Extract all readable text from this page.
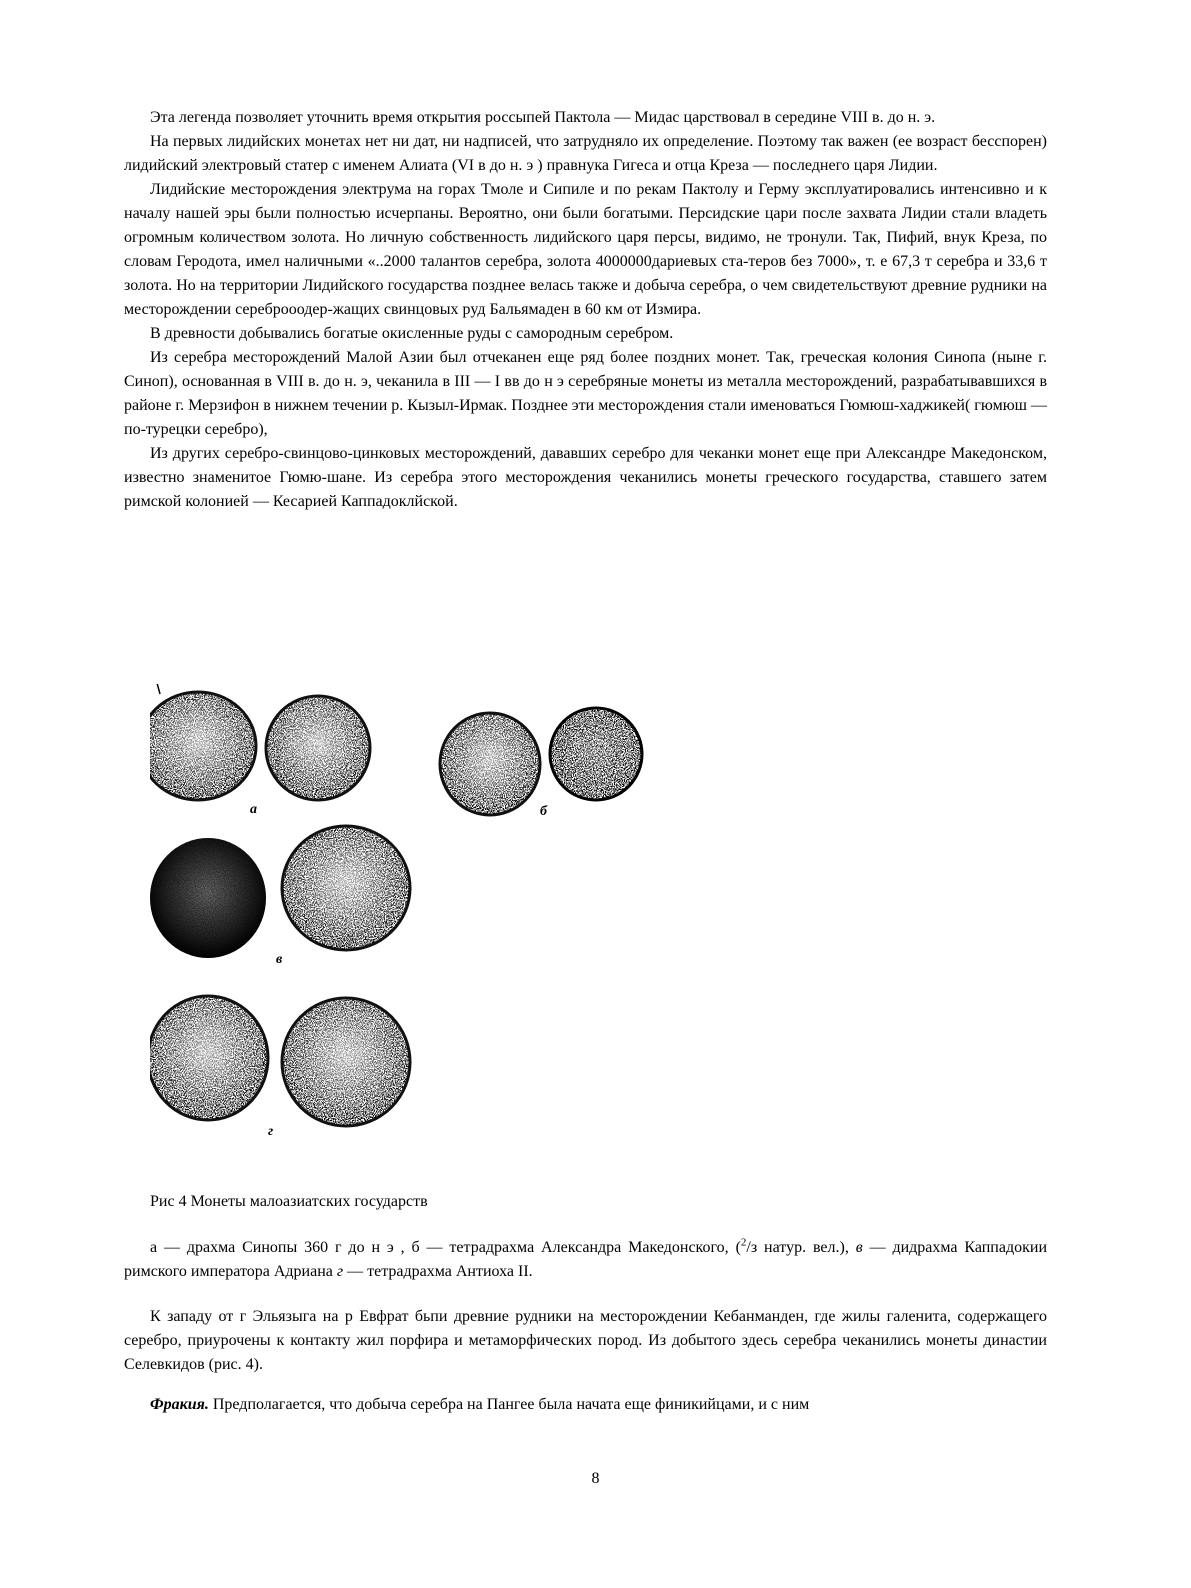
Эта легенда позволяет уточнить время открытия россыпей Пактола — Мидас царствовал в середине VIII в. до н. э.

На первых лидийских монетах нет ни дат, ни надписей, что затрудняло их определение. Поэтому так важен (ее возраст бесспорен) лидийский электровый статер с именем Алиата (VI в до н. э ) правнука Гигеса и отца Креза — последнего царя Лидии.

Лидийские месторождения электрума на горах Тмоле и Сипиле и по рекам Пактолу и Герму эксплуатировались интенсивно и к началу нашей эры были полностью исчерпаны. Вероятно, они были богатыми. Персидские цари после захвата Лидии стали владеть огромным количеством золота. Но личную собственность лидийского царя персы, видимо, не тронули. Так, Пифий, внук Креза, по словам Геродота, имел наличными «..2000 талантов серебра, золота 4000000дариевых ста-теров без 7000», т. е 67,3 т серебра и 33,6 т золота. Но на территории Лидийского государства позднее велась также и добыча серебра, о чем свидетельствуют древние рудники на месторождении сереброоодер-жащих свинцовых руд Бальямаден в 60 км от Измира.

В древности добывались богатые окисленные руды с самородным серебром.

Из серебра месторождений Малой Азии был отчеканен еще ряд более поздних монет. Так, греческая колония Синопа (ныне г. Синоп), основанная в VIII в. до н. э, чеканила в III — I вв до н э серебряные монеты из металла месторождений, разрабатывавшихся в районе г. Мерзифон в нижнем течении р. Кызыл-Ирмак. Позднее эти месторождения стали именоваться Гюмюш-хаджикей( гюмюш — по-турецки серебро),

Из других серебро-свинцово-цинковых месторождений, дававших серебро для чеканки монет еще при Александре Македонском, известно знаменитое Гюмю-шане. Из серебра этого месторождения чеканились монеты греческого государства, ставшего затем римской колонией — Кесарией Каппадоклйской.

а	б
в
г
Рис 4 Монеты малоазиатских государств

а — драхма Синопы 360 г до н э , б — тетрадрахма Александра Македонского, ($^2$/з натур. вел.), в — дидрахма Каппадокии римского императора Адриана г — тетрадрахма Антиоха II.

К западу от г Эльязыга на р Евфрат бьпи древние рудники на месторождении Кебанманден, где жилы галенита, содержащего серебро, приурочены к контакту жил порфира и метаморфических пород. Из добытого здесь серебра чеканились монеты династии Селевкидов (рис. 4).

Фракия. Предполагается, что добыча серебра на Пангее была начата еще финикийцами, и с ним

8
